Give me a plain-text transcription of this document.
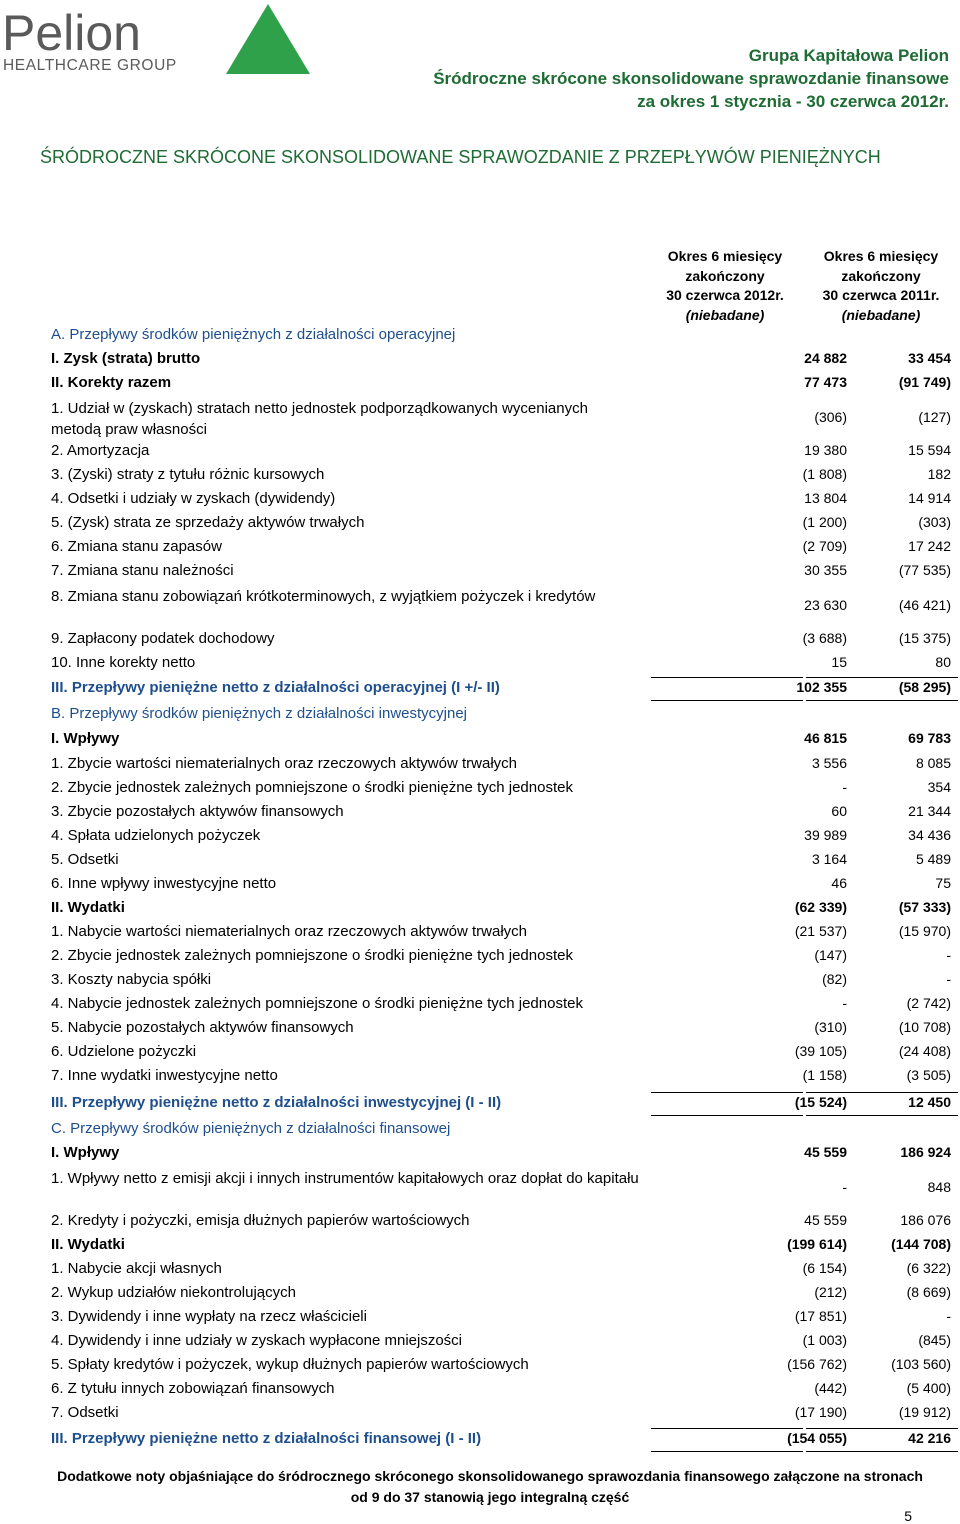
Pelion
HEALTHCARE GROUP
Grupa Kapitałowa Pelion
Śródroczne skrócone skonsolidowane sprawozdanie finansowe
za okres 1 stycznia - 30 czerwca 2012r.
ŚRÓDROCZNE SKRÓCONE SKONSOLIDOWANE SPRAWOZDANIE Z PRZEPŁYWÓW PIENIĘŻNYCH
Okres 6 miesięcy
zakończony
30 czerwca 2012r.
(niebadane)
Okres 6 miesięcy
zakończony
30 czerwca 2011r.
(niebadane)
A. Przepływy środków pieniężnych z działalności operacyjnej
I. Zysk (strata) brutto	24 882	33 454
II. Korekty razem	77 473	(91 749)
1. Udział w (zyskach) stratach netto jednostek podporządkowanych wycenianych metodą praw własności
(306)	(127)
2. Amortyzacja	19 380	15 594
3. (Zyski) straty z tytułu różnic kursowych	(1 808)	182
4. Odsetki i udziały w zyskach (dywidendy)	13 804	14 914
5. (Zysk) strata ze sprzedaży aktywów trwałych	(1 200)	(303)
6. Zmiana stanu zapasów	(2 709)	17 242
7. Zmiana stanu należności	30 355	(77 535)
8. Zmiana stanu zobowiązań krótkoterminowych, z wyjątkiem pożyczek i kredytów	23 630	(46 421)
9. Zapłacony podatek dochodowy	(3 688)	(15 375)
10. Inne korekty netto	15	80
III. Przepływy pieniężne netto z działalności operacyjnej (I +/- II)	102 355	(58 295)
B. Przepływy środków pieniężnych z działalności inwestycyjnej
I. Wpływy	46 815	69 783
1. Zbycie wartości niematerialnych oraz rzeczowych aktywów trwałych	3 556	8 085
2. Zbycie jednostek zależnych pomniejszone o środki pieniężne tych jednostek	-	354
3. Zbycie pozostałych aktywów finansowych	60	21 344
4. Spłata udzielonych pożyczek	39 989	34 436
5. Odsetki	3 164	5 489
6. Inne wpływy inwestycyjne netto	46	75
II. Wydatki	(62 339)	(57 333)
1. Nabycie wartości niematerialnych oraz rzeczowych aktywów trwałych	(21 537)	(15 970)
2. Zbycie jednostek zależnych pomniejszone o środki pieniężne tych jednostek	(147)	-
3. Koszty nabycia spółki	(82)	-
4. Nabycie jednostek zależnych pomniejszone o środki pieniężne tych jednostek	-	(2 742)
5. Nabycie pozostałych aktywów finansowych	(310)	(10 708)
6. Udzielone pożyczki	(39 105)	(24 408)
7. Inne wydatki inwestycyjne netto	(1 158)	(3 505)
III. Przepływy pieniężne netto z działalności inwestycyjnej (I - II)	(15 524)	12 450
C. Przepływy środków pieniężnych z działalności finansowej
I. Wpływy	45 559	186 924
1. Wpływy netto z emisji akcji i innych instrumentów kapitałowych oraz dopłat do kapitału	-	848
2. Kredyty i pożyczki, emisja dłużnych papierów wartościowych	45 559	186 076
II. Wydatki	(199 614)	(144 708)
1. Nabycie akcji własnych	(6 154)	(6 322)
2. Wykup udziałów niekontrolujących	(212)	(8 669)
3. Dywidendy i inne wypłaty na rzecz właścicieli	(17 851)	-
4. Dywidendy i inne udziały w zyskach wypłacone mniejszości	(1 003)	(845)
5. Spłaty kredytów i pożyczek, wykup dłużnych papierów wartościowych	(156 762)	(103 560)
6. Z tytułu innych zobowiązań finansowych	(442)	(5 400)
7. Odsetki	(17 190)	(19 912)
III. Przepływy pieniężne netto z działalności finansowej (I - II)	(154 055)	42 216
Dodatkowe noty objaśniające do śródrocznego skróconego skonsolidowanego sprawozdania finansowego załączone na stronach
od 9 do 37 stanowią jego integralną część
5
